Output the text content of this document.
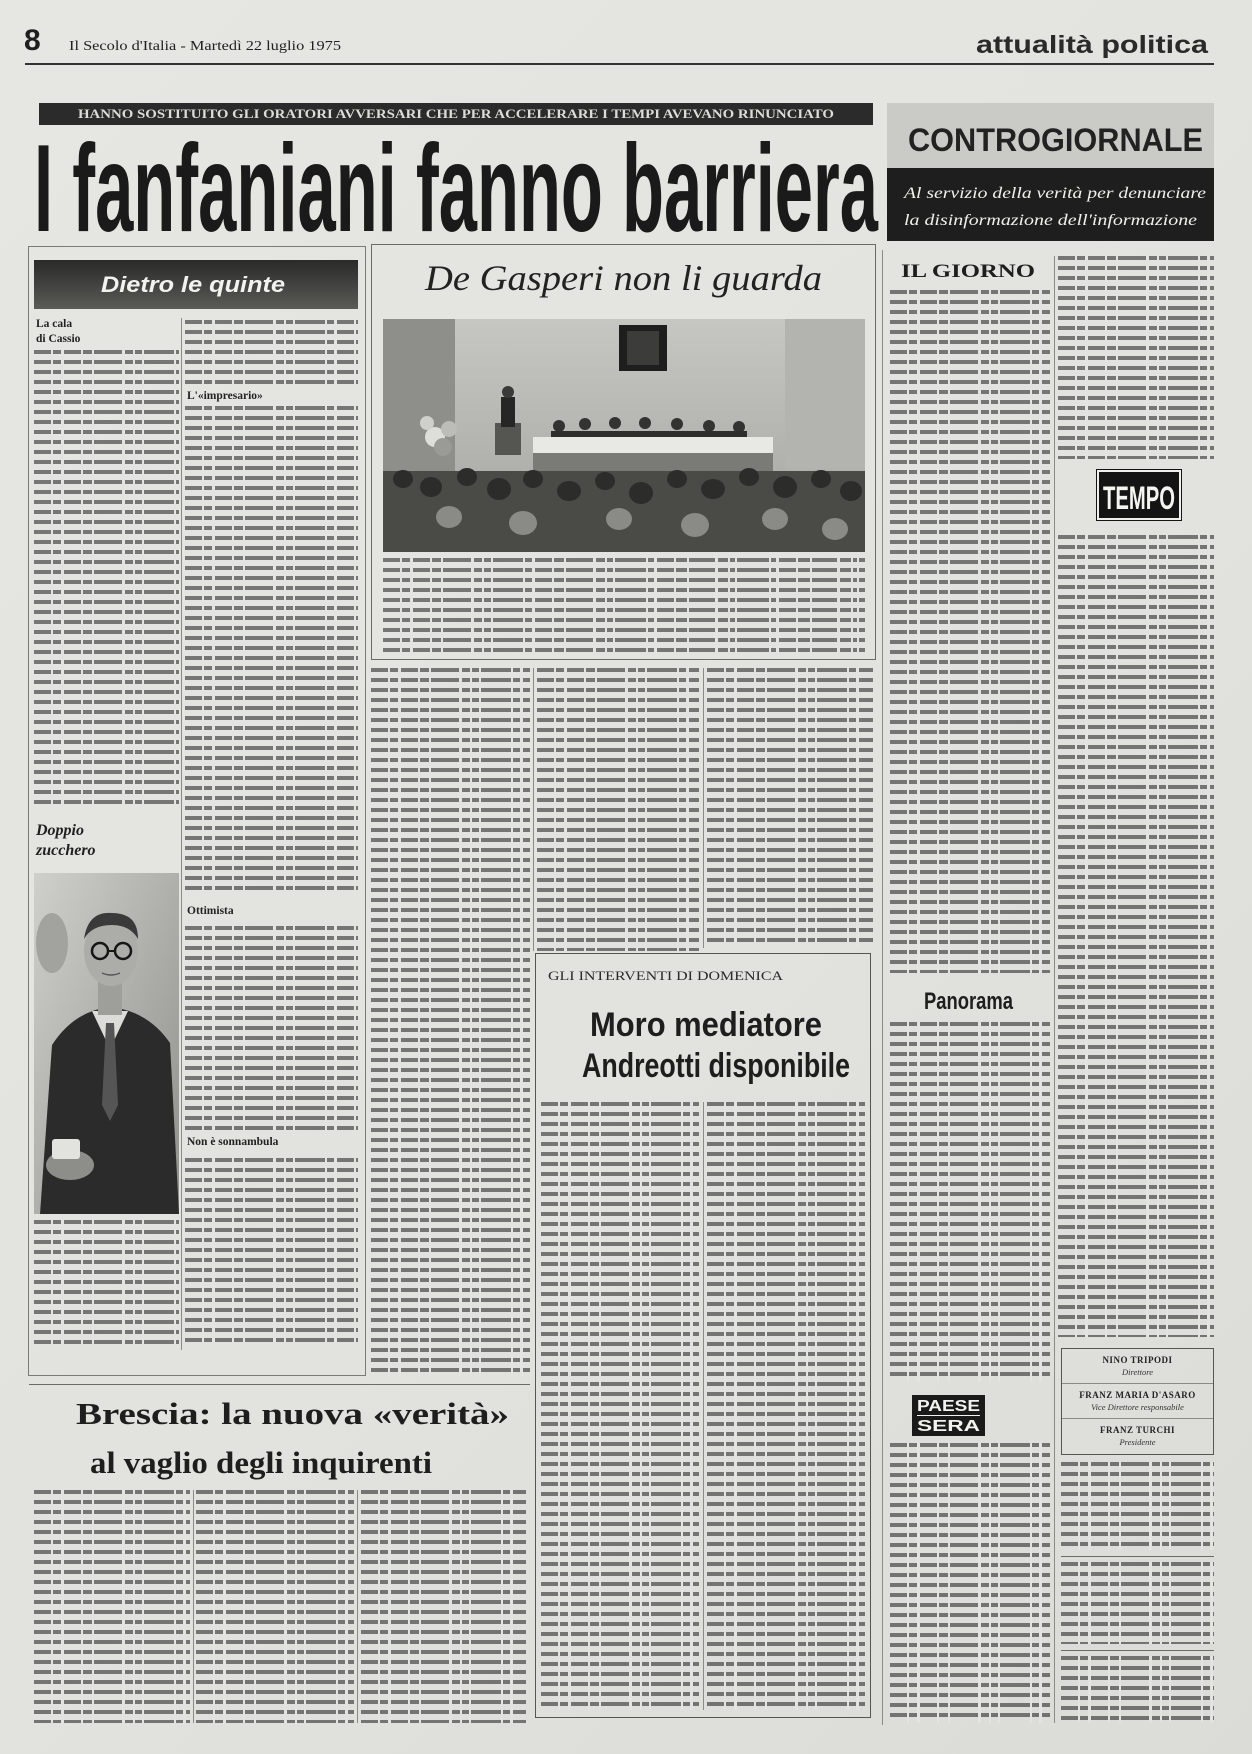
8 Il Secolo d'Italia - Martedì 22 luglio 1975	attualità politica
HANNO SOSTITUITO GLI ORATORI AVVERSARI CHE PER ACCELERARE I TEMPI AVEVANO RINUNCIATO
I fanfaniani fanno barriera CONTROGIORNALE
Al servizio della verità per denunciare
la disinformazione dell'informazione
Dietro le quinte
La cala
di Cassio
Doppio
zucchero
L'«impresario»
Ottimista
Non è sonnambula
De Gasperi non li guarda
GLI INTERVENTI DI DOMENICA
Moro mediatore
Andreotti disponibile
Brescia: la nuova «verità»
al vaglio degli inquirenti
IL GIORNO
Panorama
PAESE
SERA
TEMPO
NINO TRIPODI
Direttore
FRANZ MARIA D'ASARO
Vice Direttore responsabile
FRANZ TURCHI
Presidente
